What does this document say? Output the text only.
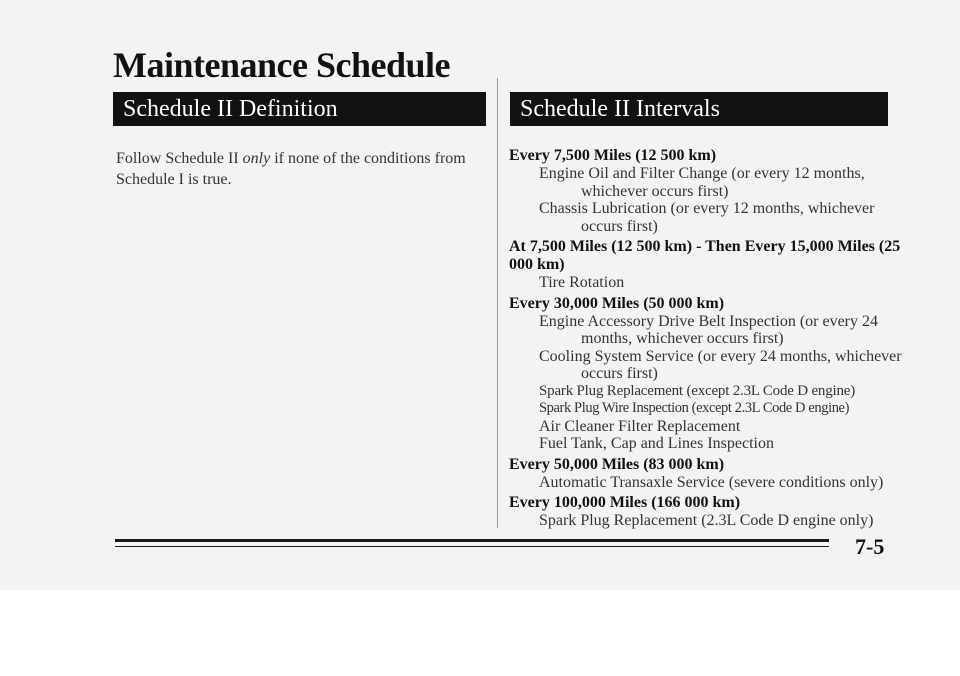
Maintenance Schedule
Schedule II Definition	Schedule II Intervals

Follow Schedule II only if none of the conditions from Schedule I is true.

Every 7,500 Miles (12 500 km)
Engine Oil and Filter Change (or every 12 months, whichever occurs first)
Chassis Lubrication (or every 12 months, whichever occurs first)
At 7,500 Miles (12 500 km) - Then Every 15,000 Miles (25 000 km)
Tire Rotation
Every 30,000 Miles (50 000 km)
Engine Accessory Drive Belt Inspection (or every 24 months, whichever occurs first)
Cooling System Service (or every 24 months, whichever occurs first)
Spark Plug Replacement (except 2.3L Code D engine)
Spark Plug Wire Inspection (except 2.3L Code D engine)
Air Cleaner Filter Replacement
Fuel Tank, Cap and Lines Inspection
Every 50,000 Miles (83 000 km)
Automatic Transaxle Service (severe conditions only)
Every 100,000 Miles (166 000 km)
Spark Plug Replacement (2.3L Code D engine only)
7-5
